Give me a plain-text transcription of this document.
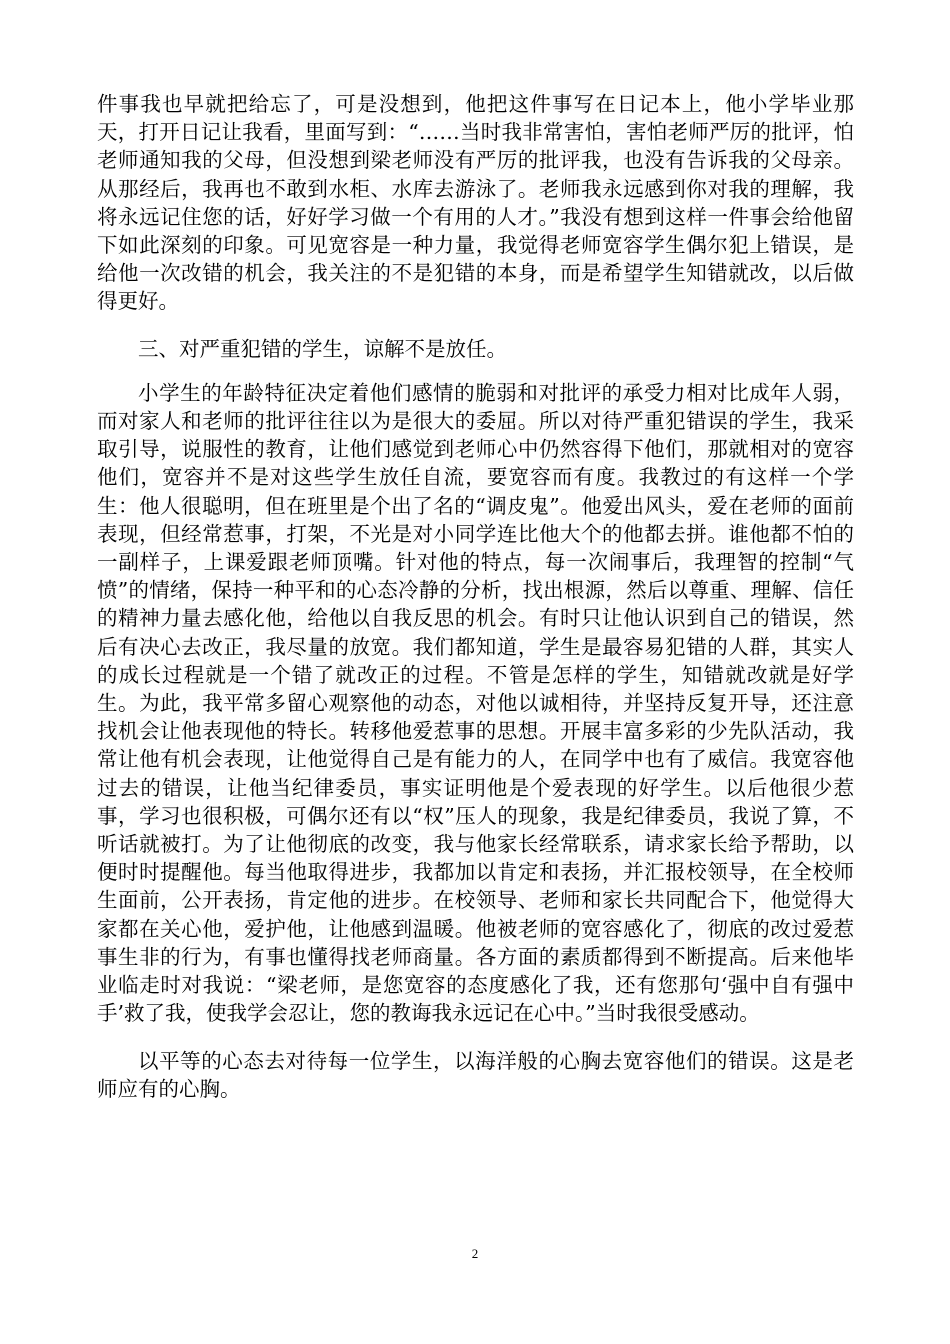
件事我也早就把给忘了，可是没想到，他把这件事写在日记本上，他小学毕业那天，打开日记让我看，里面写到：“……当时我非常害怕，害怕老师严厉的批评，怕老师通知我的父母，但没想到梁老师没有严厉的批评我，也没有告诉我的父母亲。从那经后，我再也不敢到水柜、水库去游泳了。老师我永远感到你对我的理解，我将永远记住您的话，好好学习做一个有用的人才。”我没有想到这样一件事会给他留下如此深刻的印象。可见宽容是一种力量，我觉得老师宽容学生偶尔犯上错误，是给他一次改错的机会，我关注的不是犯错的本身，而是希望学生知错就改，以后做得更好。

三、对严重犯错的学生，谅解不是放任。

小学生的年龄特征决定着他们感情的脆弱和对批评的承受力相对比成年人弱，而对家人和老师的批评往往以为是很大的委屈。所以对待严重犯错误的学生，我采取引导，说服性的教育，让他们感觉到老师心中仍然容得下他们，那就相对的宽容他们，宽容并不是对这些学生放任自流，要宽容而有度。我教过的有这样一个学生：他人很聪明，但在班里是个出了名的“调皮鬼”。他爱出风头，爱在老师的面前表现，但经常惹事，打架，不光是对小同学连比他大个的他都去拼。谁他都不怕的一副样子，上课爱跟老师顶嘴。针对他的特点，每一次闹事后，我理智的控制“气愤”的情绪，保持一种平和的心态冷静的分析，找出根源，然后以尊重、理解、信任的精神力量去感化他，给他以自我反思的机会。有时只让他认识到自己的错误，然后有决心去改正，我尽量的放宽。我们都知道，学生是最容易犯错的人群，其实人的成长过程就是一个错了就改正的过程。不管是怎样的学生，知错就改就是好学生。为此，我平常多留心观察他的动态，对他以诚相待，并坚持反复开导，还注意找机会让他表现他的特长。转移他爱惹事的思想。开展丰富多彩的少先队活动，我常让他有机会表现，让他觉得自己是有能力的人，在同学中也有了威信。我宽容他过去的错误，让他当纪律委员，事实证明他是个爱表现的好学生。以后他很少惹事，学习也很积极，可偶尔还有以“权”压人的现象，我是纪律委员，我说了算，不听话就被打。为了让他彻底的改变，我与他家长经常联系，请求家长给予帮助，以便时时提醒他。每当他取得进步，我都加以肯定和表扬，并汇报校领导，在全校师生面前，公开表扬，肯定他的进步。在校领导、老师和家长共同配合下，他觉得大家都在关心他，爱护他，让他感到温暖。他被老师的宽容感化了，彻底的改过爱惹事生非的行为，有事也懂得找老师商量。各方面的素质都得到不断提高。后来他毕业临走时对我说：“梁老师，是您宽容的态度感化了我，还有您那句‘强中自有强中手’救了我，使我学会忍让，您的教诲我永远记在心中。”当时我很受感动。

以平等的心态去对待每一位学生，以海洋般的心胸去宽容他们的错误。这是老师应有的心胸。

2
